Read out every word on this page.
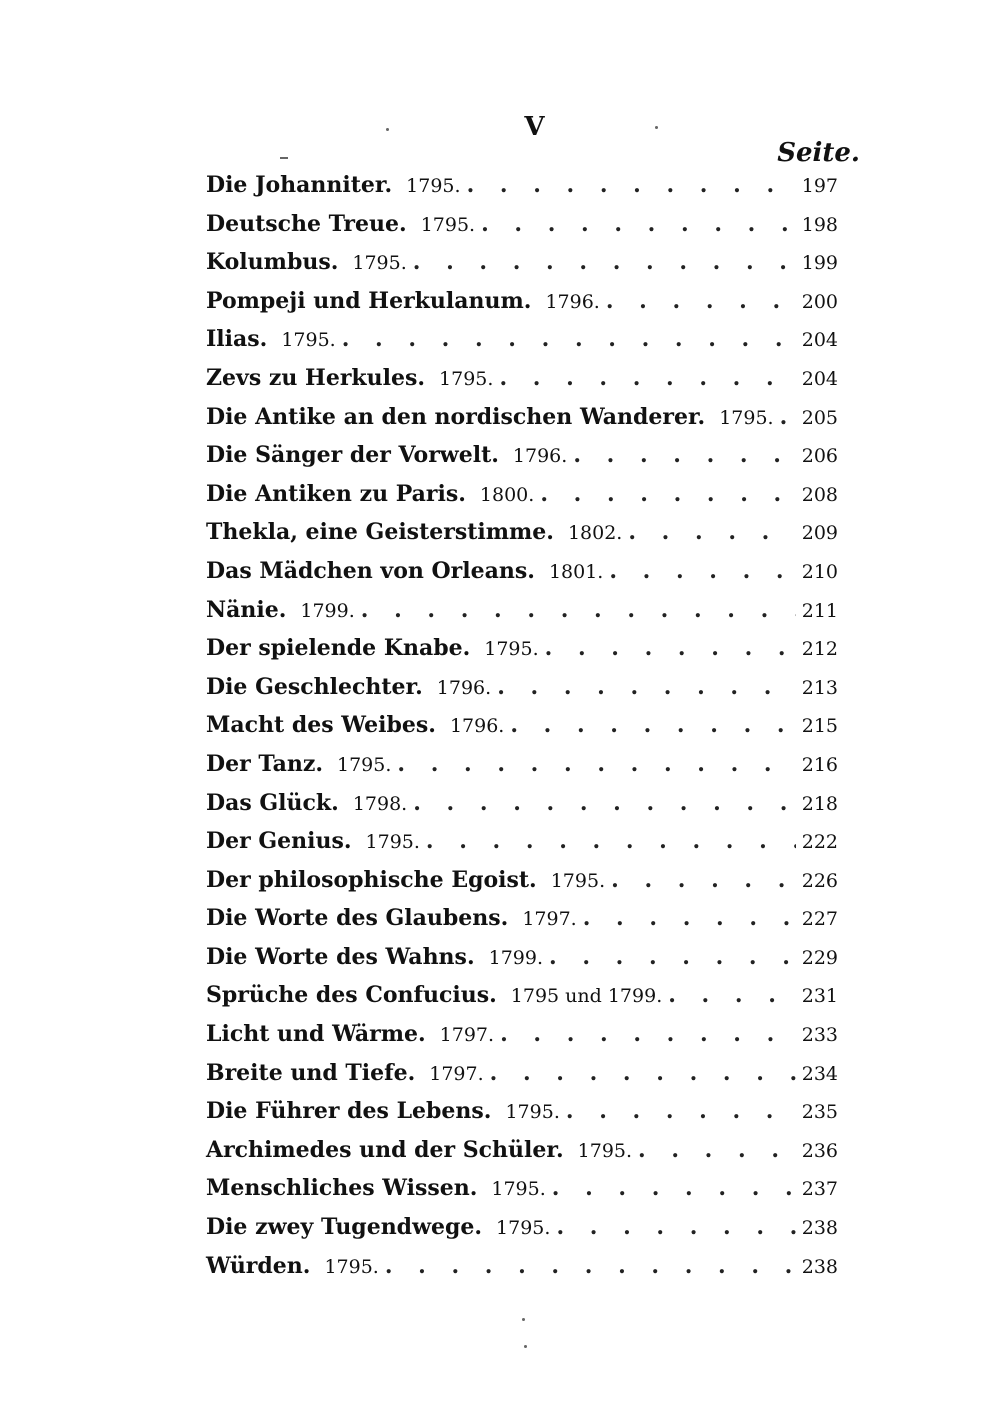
V
Seite.
Die Johanniter. 1795. . . .	197
Deutsche Treue. 1795. . . .	198
Kolumbus. 1795. . . .	199
Pompeji und Herkulanum. 1796. . . .	200
Ilias. 1795. . . .	204
Zevs zu Herkules. 1795. . . .	204
Die Antike an den nordischen Wanderer. 1795. . . . 205
Die Sänger der Vorwelt. 1796. . . .	206
Die Antiken zu Paris. 1800. . . .	208
Thekla, eine Geisterstimme. 1802. . . .	209
Das Mädchen von Orleans. 1801. . . .	210
Nänie. 1799. . . .	211
Der spielende Knabe. 1795. . . .	212
Die Geschlechter. 1796. . . .	213
Macht des Weibes. 1796. . . .	215
Der Tanz. 1795. . . .	216
Das Glück. 1798. . . .	218
Der Genius. 1795. . . .	222
Der philosophische Egoist. 1795. . . .	226
Die Worte des Glaubens. 1797. . . .	227
Die Worte des Wahns. 1799. . . .	229
Sprüche des Confucius. 1795 und 1799. . . .	231
Licht und Wärme. 1797. . . .	233
Breite und Tiefe. 1797. . . .	234
Die Führer des Lebens. 1795. . . .	235
Archimedes und der Schüler. 1795. . . .	236
Menschliches Wissen. 1795. . . .	237
Die zwey Tugendwege. 1795. . . .	238
Würden. 1795. . . .	238
